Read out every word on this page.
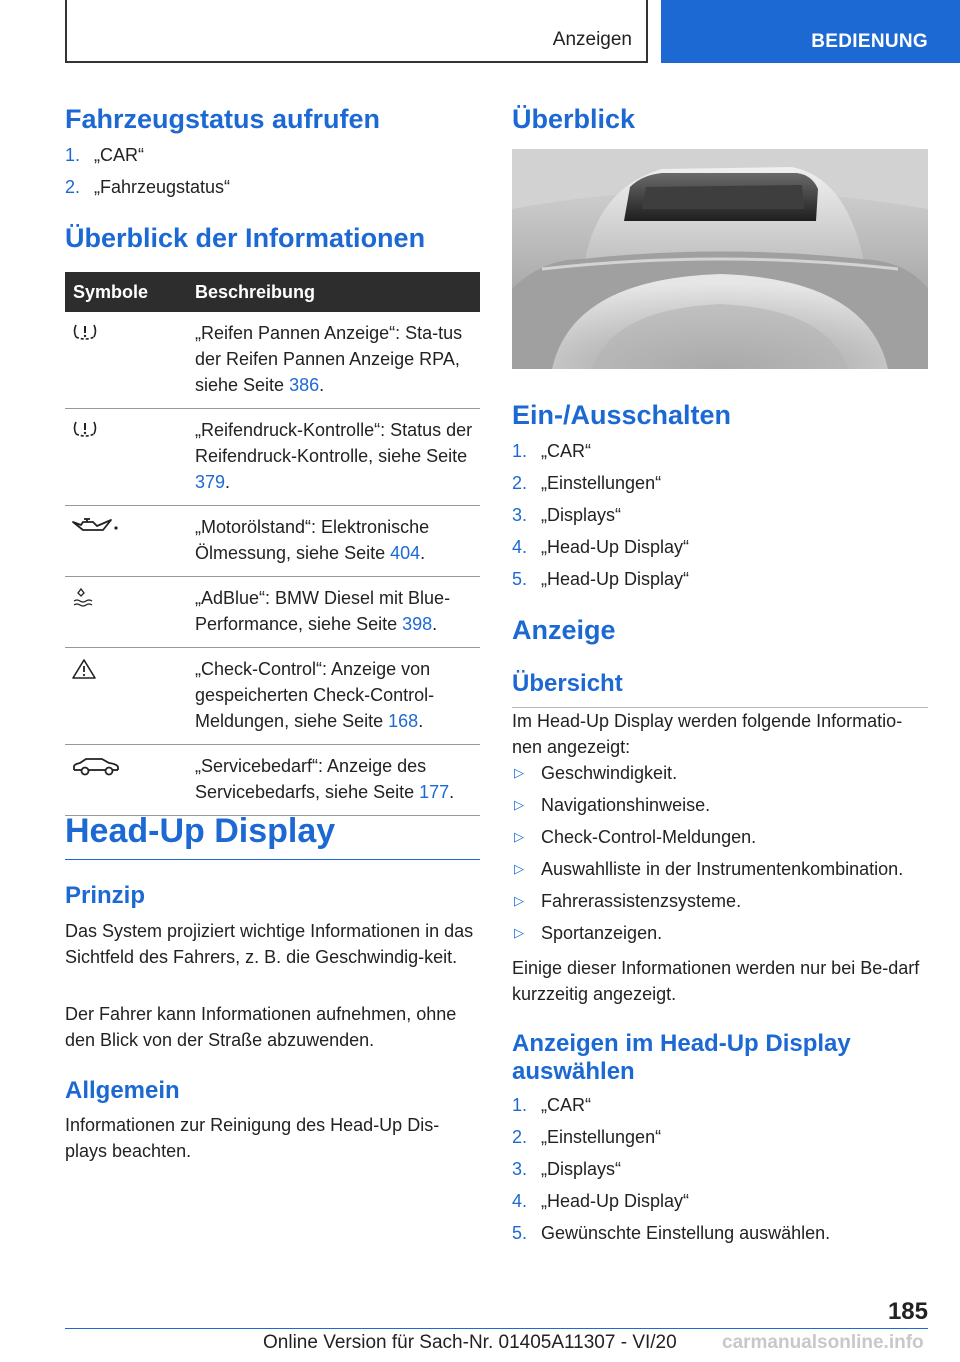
Anzeigen	BEDIENUNG
Fahrzeugstatus aufrufen
1. „CAR“
2. „Fahrzeugstatus“
Überblick der Informationen
Symbole	Beschreibung
	„Reifen Pannen Anzeige“: Sta-tus der Reifen Pannen Anzeige RPA, siehe Seite 386.
	„Reifendruck-Kontrolle“: Status der Reifendruck-Kontrolle, siehe Seite 379.
	„Motorölstand“: Elektronische Ölmessung, siehe Seite 404.
	„AdBlue“: BMW Diesel mit Blue-Performance, siehe Seite 398.
	„Check-Control“: Anzeige von gespeicherten Check-Control-Meldungen, siehe Seite 168.
	„Servicebedarf“: Anzeige des Servicebedarfs, siehe Seite 177.
Head-Up Display
Prinzip

Das System projiziert wichtige Informationen in das Sichtfeld des Fahrers, z. B. die Geschwindig-keit.

Der Fahrer kann Informationen aufnehmen, ohne den Blick von der Straße abzuwenden.

Allgemein

Informationen zur Reinigung des Head-Up Dis-plays beachten.

Überblick
Ein-/Ausschalten
1. „CAR“
2. „Einstellungen“
3. „Displays“
4. „Head-Up Display“
5. „Head-Up Display“
Anzeige
Übersicht

Im Head-Up Display werden folgende Informatio-nen angezeigt:

▷ Geschwindigkeit.
▷ Navigationshinweise.
▷ Check-Control-Meldungen.
▷ Auswahlliste in der Instrumentenkombination.
▷ Fahrerassistenzsysteme.
▷ Sportanzeigen.

Einige dieser Informationen werden nur bei Be-darf kurzzeitig angezeigt.

Anzeigen im Head-Up Display auswählen
1. „CAR“
2. „Einstellungen“
3. „Displays“
4. „Head-Up Display“
5. Gewünschte Einstellung auswählen.
185
Online Version für Sach-Nr. 01405A11307 - VI/20 carmanualsonline.info
